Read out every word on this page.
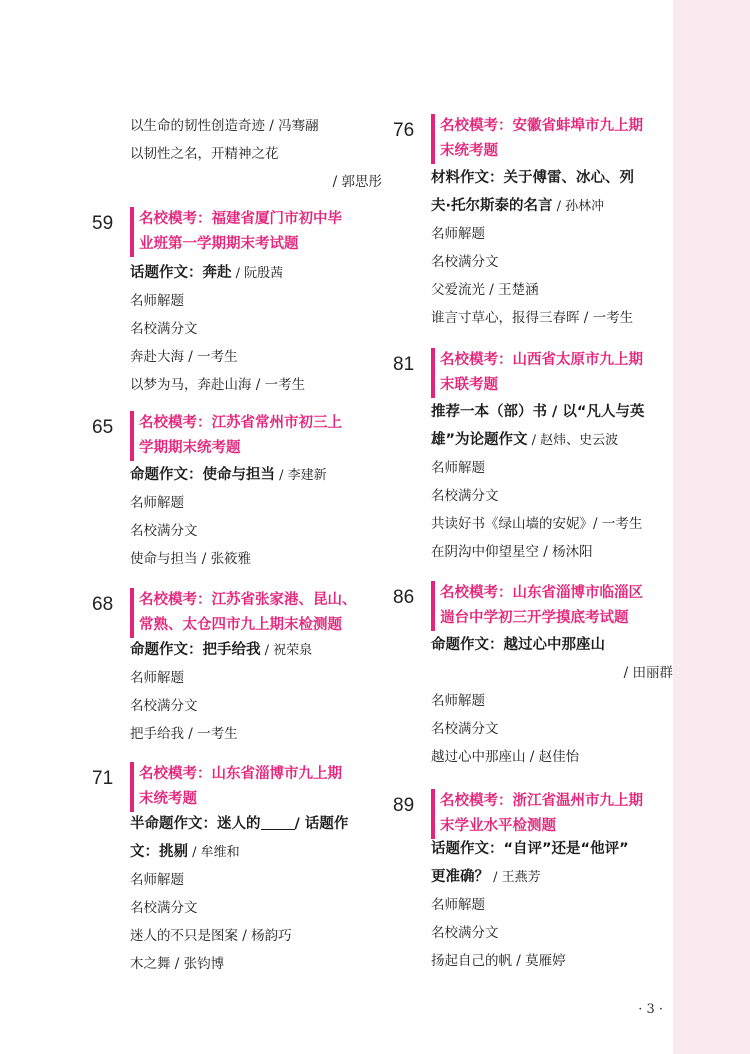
以生命的韧性创造奇迹 / 冯骞翮
以韧性之名，开精神之花
/ 郭思彤
59	名校模考：福建省厦门市初中毕
业班第一学期期末考试题
话题作文：奔赴 / 阮殷茜
名师解题
名校满分文
奔赴大海 / 一考生
以梦为马，奔赴山海 / 一考生
65	名校模考：江苏省常州市初三上
学期期末统考题
命题作文：使命与担当 / 李建新
名师解题
名校满分文
使命与担当 / 张筱雅
68	名校模考：江苏省张家港、昆山、
常熟、太仓四市九上期末检测题
命题作文：把手给我 / 祝荣泉
名师解题
名校满分文
把手给我 / 一考生
71	名校模考：山东省淄博市九上期
末统考题
半命题作文：迷人的 / 话题作
文：挑剔 / 牟维和
名师解题
名校满分文
迷人的不只是图案 / 杨韵巧
木之舞 / 张钧博
76	名校模考：安徽省蚌埠市九上期
末统考题
材料作文：关于傅雷、冰心、列
夫·托尔斯泰的名言 / 孙林冲
名师解题
名校满分文
父爱流光 / 王楚涵
谁言寸草心，报得三春晖 / 一考生
81	名校模考：山西省太原市九上期
末联考题
推荐一本（部）书 / 以“凡人与英
雄”为论题作文 / 赵炜、史云波
名师解题
名校满分文
共读好书《绿山墙的安妮》/ 一考生
在阴沟中仰望星空 / 杨沐阳
86	名校模考：山东省淄博市临淄区
遄台中学初三开学摸底考试题
命题作文：越过心中那座山
/ 田丽群
名师解题
名校满分文
越过心中那座山 / 赵佳怡
89	名校模考：浙江省温州市九上期
末学业水平检测题
话题作文：“自评”还是“他评”
更准确？ / 王燕芳
名师解题
名校满分文
扬起自己的帆 / 莫雁婷
· 3 ·
